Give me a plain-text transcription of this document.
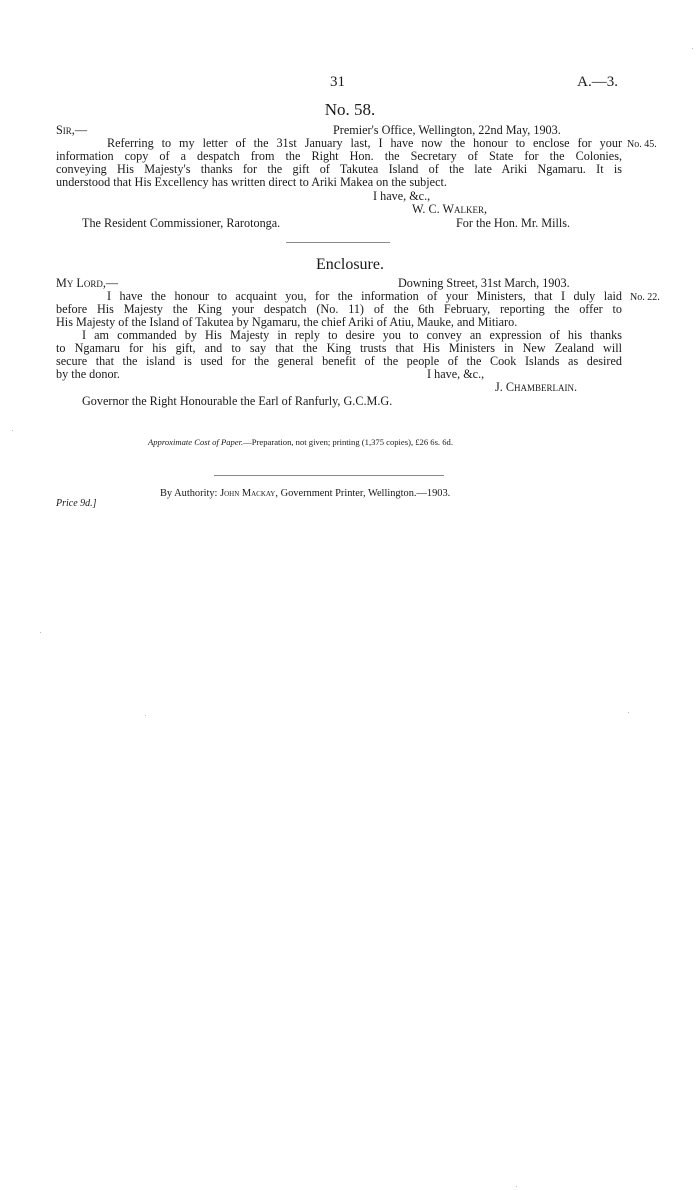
31	A.—3.
No. 58.
Sir,—	Premier's Office, Wellington, 22nd May, 1903.
Referring to my letter of the 31st January last, I have now the honour to enclose for your No. 45.
information copy of a despatch from the Right Hon. the Secretary of State for the Colonies,
conveying His Majesty's thanks for the gift of Takutea Island of the late Ariki Ngamaru. It is
understood that His Excellency has written direct to Ariki Makea on the subject.
I have, &c.,
W. C. Walker,
The Resident Commissioner, Rarotonga.	For the Hon. Mr. Mills.
Enclosure.
My Lord,—	Downing Street, 31st March, 1903.
I have the honour to acquaint you, for the information of your Ministers, that I duly laid No. 22.
before His Majesty the King your despatch (No. 11) of the 6th February, reporting the offer to
His Majesty of the Island of Takutea by Ngamaru, the chief Ariki of Atiu, Mauke, and Mitiaro.
I am commanded by His Majesty in reply to desire you to convey an expression of his thanks
to Ngamaru for his gift, and to say that the King trusts that His Ministers in New Zealand will
secure that the island is used for the general benefit of the people of the Cook Islands as desired
by the donor.	I have, &c.,
J. Chamberlain.
Governor the Right Honourable the Earl of Ranfurly, G.C.M.G.
Approximate Cost of Paper.—Preparation, not given; printing (1,375 copies), £26 6s. 6d.
By Authority: John Mackay, Government Printer, Wellington.—1903.
Price 9d.]
